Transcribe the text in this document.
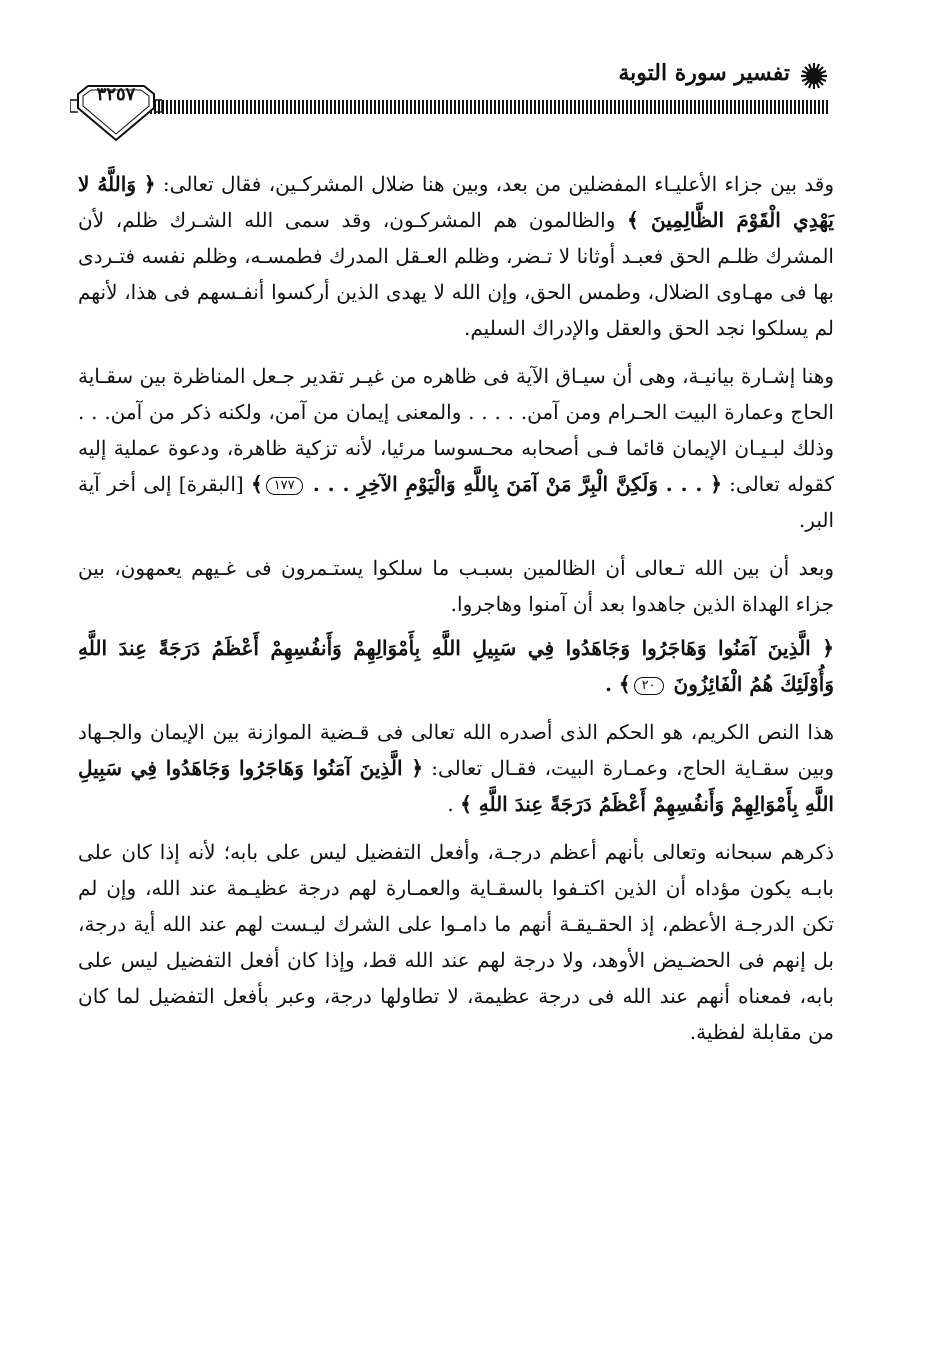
تفسير سورة التوبة
٣٢٥٧

وقد بين جزاء الأعليـاء المفضلين من بعد، وبين هنا ضلال المشركـين، فقال تعالى: ﴿ وَاللَّهُ لا يَهْدِي الْقَوْمَ الظَّالِمِينَ ﴾ والظالمون هم المشركـون، وقد سمى الله الشـرك ظلم، لأن المشرك ظلـم الحق فعبـد أوثانا لا تـضر، وظلم العـقل المدرك فطمسـه، وظلم نفسه فتـردى بها فى مهـاوى الضلال، وطمس الحق، وإن الله لا يهدى الذين أركسوا أنفـسهم فى هذا، لأنهم لم يسلكوا نجد الحق والعقل والإدراك السليم.

وهنا إشـارة بيانيـة، وهى أن سيـاق الآية فى ظاهره من غيـر تقدير جـعل المناظرة بين سقـاية الحاج وعمارة البيت الحـرام ومن آمن. . . . . والمعنى إيمان من آمن، ولكنه ذكر من آمن. . . وذلك لبـيـان الإيمان قائما فـى أصحابه محـسوسا مرئيا، لأنه تزكية ظاهرة، ودعوة عملية إليه كقوله تعالى: ﴿ . . . وَلَكِنَّ الْبِرَّ مَنْ آمَنَ بِاللَّهِ وَالْيَوْمِ الآخِرِ . . . ١٧٧﴾ [البقرة] إلى أخر آية البر.

وبعد أن بين الله تـعالى أن الظالمين بسبـب ما سلكوا يستـمرون فى غـيهم يعمهون، بين جزاء الهداة الذين جاهدوا بعد أن آمنوا وهاجروا.

﴿ الَّذِينَ آمَنُوا وَهَاجَرُوا وَجَاهَدُوا فِي سَبِيلِ اللَّهِ بِأَمْوَالِهِمْ وَأَنفُسِهِمْ أَعْظَمُ دَرَجَةً عِندَ اللَّهِ وَأُوْلَئِكَ هُمُ الْفَائِزُونَ ٢٠﴾ .

هذا النص الكريم، هو الحكم الذى أصدره الله تعالى فى قـضية الموازنة بين الإيمان والجـهاد وبين سقـاية الحاج، وعمـارة البيت، فقـال تعالى: ﴿ الَّذِينَ آمَنُوا وَهَاجَرُوا وَجَاهَدُوا فِي سَبِيلِ اللَّهِ بِأَمْوَالِهِمْ وَأَنفُسِهِمْ أَعْظَمُ دَرَجَةً عِندَ اللَّهِ ﴾ .

ذكرهم سبحانه وتعالى بأنهم أعظم درجـة، وأفعل التفضيل ليس على بابه؛ لأنه إذا كان على بابـه يكون مؤداه أن الذين اكتـفوا بالسقـاية والعمـارة لهم درجة عظيـمة عند الله، وإن لم تكن الدرجـة الأعظم، إذ الحقـيقـة أنهم ما دامـوا على الشرك ليـست لهم عند الله أية درجة، بل إنهم فى الحضـيض الأوهد، ولا درجة لهم عند الله قط، وإذا كان أفعل التفضيل ليس على بابه، فمعناه أنهم عند الله فى درجة عظيمة، لا تطاولها درجة، وعبر بأفعل التفضيل لما كان من مقابلة لفظية.
